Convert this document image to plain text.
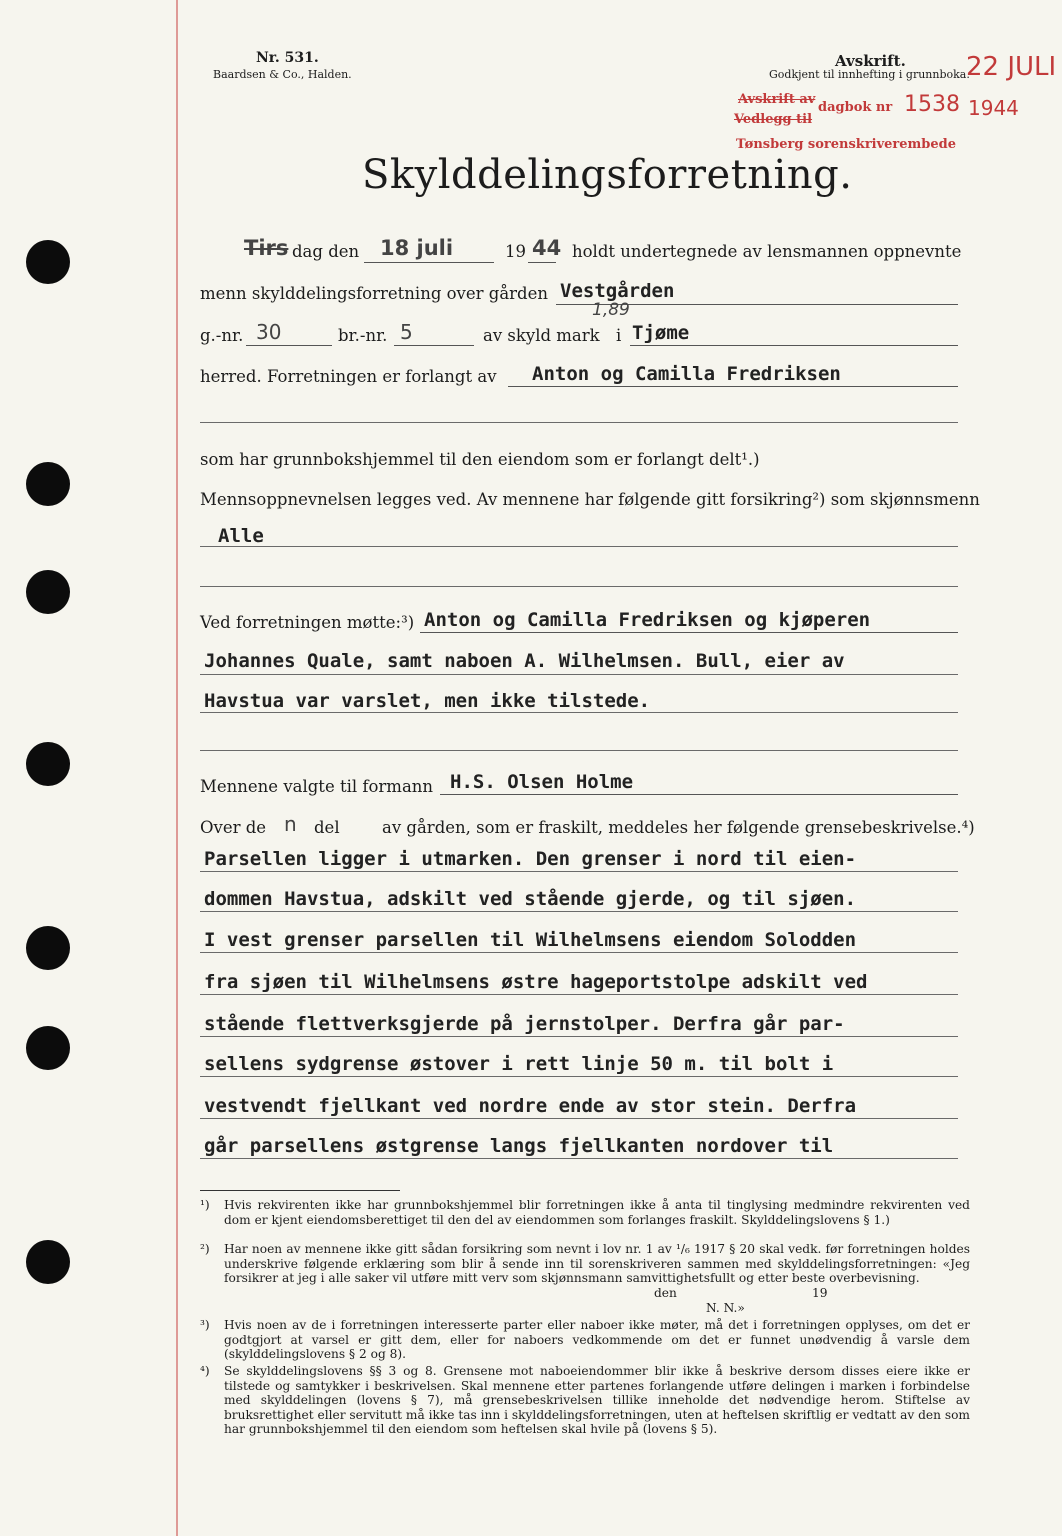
Nr. 531.
Baardsen & Co., Halden.
Avskrift.
Godkjent til innhefting i grunnboka.
22 JULI
Avskrift av
dagbok nr 1538 1944
Vedlegg til
Tønsberg sorenskriverembede
Skylddelingsforretning.
Tirs dag den 18 juli	19 44 holdt undertegnede av lensmannen oppnevnte
menn skylddelingsforretning over gården Vestgården
1,89
g.-nr. 30	br.-nr. 5	av skyld mark i Tjøme
herred. Forretningen er forlangt av Anton og Camilla Fredriksen
som har grunnbokshjemmel til den eiendom som er forlangt delt¹.)
Mennsoppnevnelsen legges ved. Av mennene har følgende gitt forsikring²) som skjønnsmenn
Alle
Ved forretningen møtte:³) Anton og Camilla Fredriksen og kjøperen
Johannes Quale, samt naboen A. Wilhelmsen. Bull, eier av
Havstua var varslet, men ikke tilstede.
Mennene valgte til formann H.S. Olsen Holme
Over de n del	av gården, som er fraskilt, meddeles her følgende grensebeskrivelse.⁴)
Parsellen ligger i utmarken. Den grenser i nord til eien-
dommen Havstua, adskilt ved stående gjerde, og til sjøen.
I vest grenser parsellen til Wilhelmsens eiendom Solodden
fra sjøen til Wilhelmsens østre hageportstolpe adskilt ved
stående flettverksgjerde på jernstolper. Derfra går par-
sellens sydgrense østover i rett linje 50 m. til bolt i
vestvendt fjellkant ved nordre ende av stor stein. Derfra
går parsellens østgrense langs fjellkanten nordover til
¹) Hvis rekvirenten ikke har grunnbokshjemmel blir forretningen ikke å anta til tinglysing medmindre rekvirenten ved dom er kjent eiendomsberettiget til den del av eiendommen som forlanges fraskilt. Skylddelingslovens § 1.)
²) Har noen av mennene ikke gitt sådan forsikring som nevnt i lov nr. 1 av ¹/₆ 1917 § 20 skal vedk. før forretningen holdes underskrive følgende erklæring som blir å sende inn til sorenskriveren sammen med skylddelingsforretningen: «Jeg forsikrer at jeg i alle saker vil utføre mitt verv som skjønnsmann samvittighetsfullt og etter beste overbevisning.
den	19
N. N.»
³) Hvis noen av de i forretningen interesserte parter eller naboer ikke møter, må det i forretningen opplyses, om det er godtgjort at varsel er gitt dem, eller for naboers vedkommende om det er funnet unødvendig å varsle dem (skylddelingslovens § 2 og 8).
⁴) Se skylddelingslovens §§ 3 og 8. Grensene mot naboeiendommer blir ikke å beskrive dersom disses eiere ikke er tilstede og samtykker i beskrivelsen. Skal mennene etter partenes forlangende utføre delingen i marken i forbindelse med skylddelingen (lovens § 7), må grensebeskrivelsen tillike inneholde det nødvendige herom. Stiftelse av bruksrettighet eller servitutt må ikke tas inn i skylddelingsforretningen, uten at heftelsen skriftlig er vedtatt av den som har grunnbokshjemmel til den eiendom som heftelsen skal hvile på (lovens § 5).
